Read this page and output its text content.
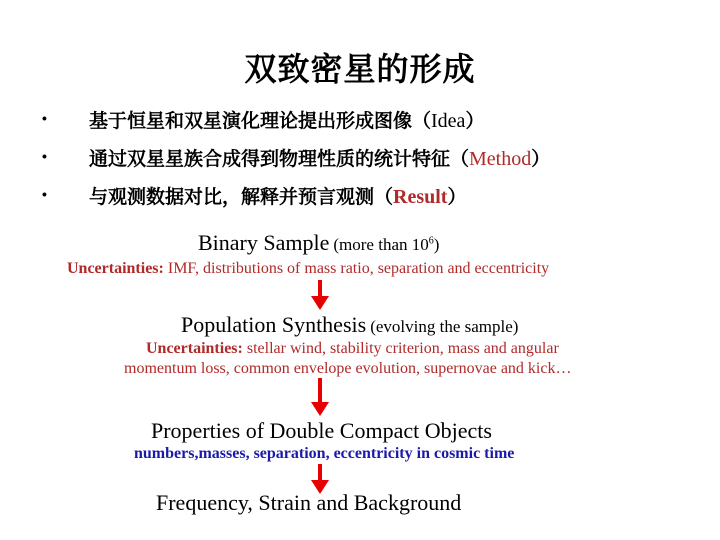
双致密星的形成
• 基于恒星和双星演化理论提出形成图像（Idea）
• 通过双星星族合成得到物理性质的统计特征（Method）
• 与观测数据对比，解释并预言观测（Result）
Binary Sample (more than $10^6$)
Uncertainties: IMF, distributions of mass ratio, separation and eccentricity
Population Synthesis (evolving the sample)
Uncertainties: stellar wind, stability criterion, mass and angular
momentum loss, common envelope evolution, supernovae and kick…
Properties of Double Compact Objects
numbers,masses, separation, eccentricity in cosmic time
Frequency, Strain and Background
